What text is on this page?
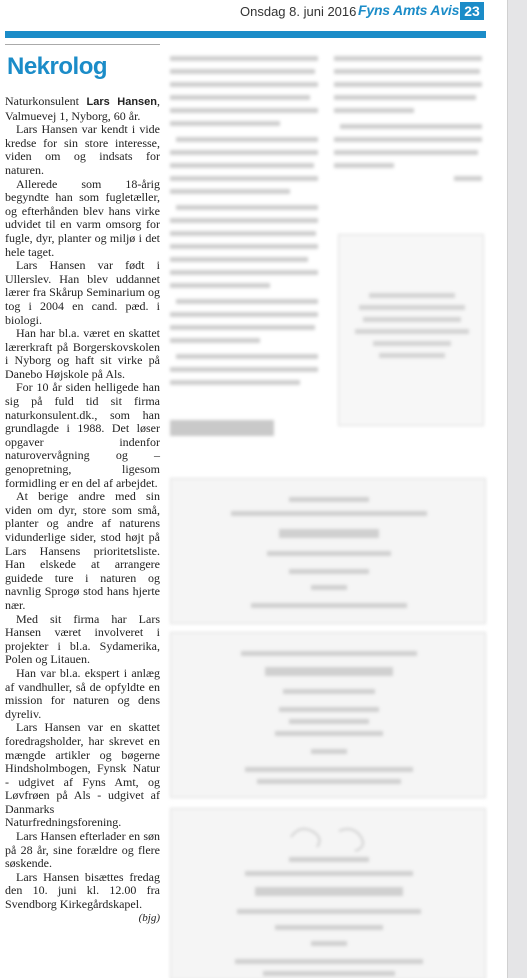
Onsdag 8. juni 2016 Fyns Amts Avis 23
Nekrolog

Naturkonsulent Lars Hansen, Valmuevej 1, Nyborg, 60 år.

Lars Hansen var kendt i vide kredse for sin store interesse, viden om og indsats for naturen.

Allerede som 18-årig begyndte han som fugletæller, og efterhånden blev hans virke udvidet til en varm omsorg for fugle, dyr, planter og miljø i det hele taget.

Lars Hansen var født i Ullerslev. Han blev uddannet lærer fra Skårup Seminarium og tog i 2004 en cand. pæd. i biologi.

Han har bl.a. været en skattet lærerkraft på Borgerskovskolen i Nyborg og haft sit virke på Danebo Højskole på Als.

For 10 år siden helligede han sig på fuld tid sit firma naturkonsulent.dk., som han grundlagde i 1988. Det løser opgaver indenfor naturovervågning og –genopretning, ligesom formidling er en del af arbejdet.

At berige andre med sin viden om dyr, store som små, planter og andre af naturens vidunderlige sider, stod højt på Lars Hansens prioritetsliste. Han elskede at arrangere guidede ture i naturen og navnlig Sprogø stod hans hjerte nær.

Med sit firma har Lars Hansen været involveret i projekter i bl.a. Sydamerika, Polen og Litauen.

Han var bl.a. ekspert i anlæg af vandhuller, så de opfyldte en mission for naturen og dens dyreliv.

Lars Hansen var en skattet foredragsholder, har skrevet en mængde artikler og bøgerne Hindsholmbogen, Fynsk Natur - udgivet af Fyns Amt, og Løvfrøen på Als - udgivet af Danmarks Naturfredningsforening.

Lars Hansen efterlader en søn på 28 år, sine forældre og flere søskende.

Lars Hansen bisættes fredag den 10. juni kl. 12.00 fra Svendborg Kirkegårdskapel.

(bjg)
